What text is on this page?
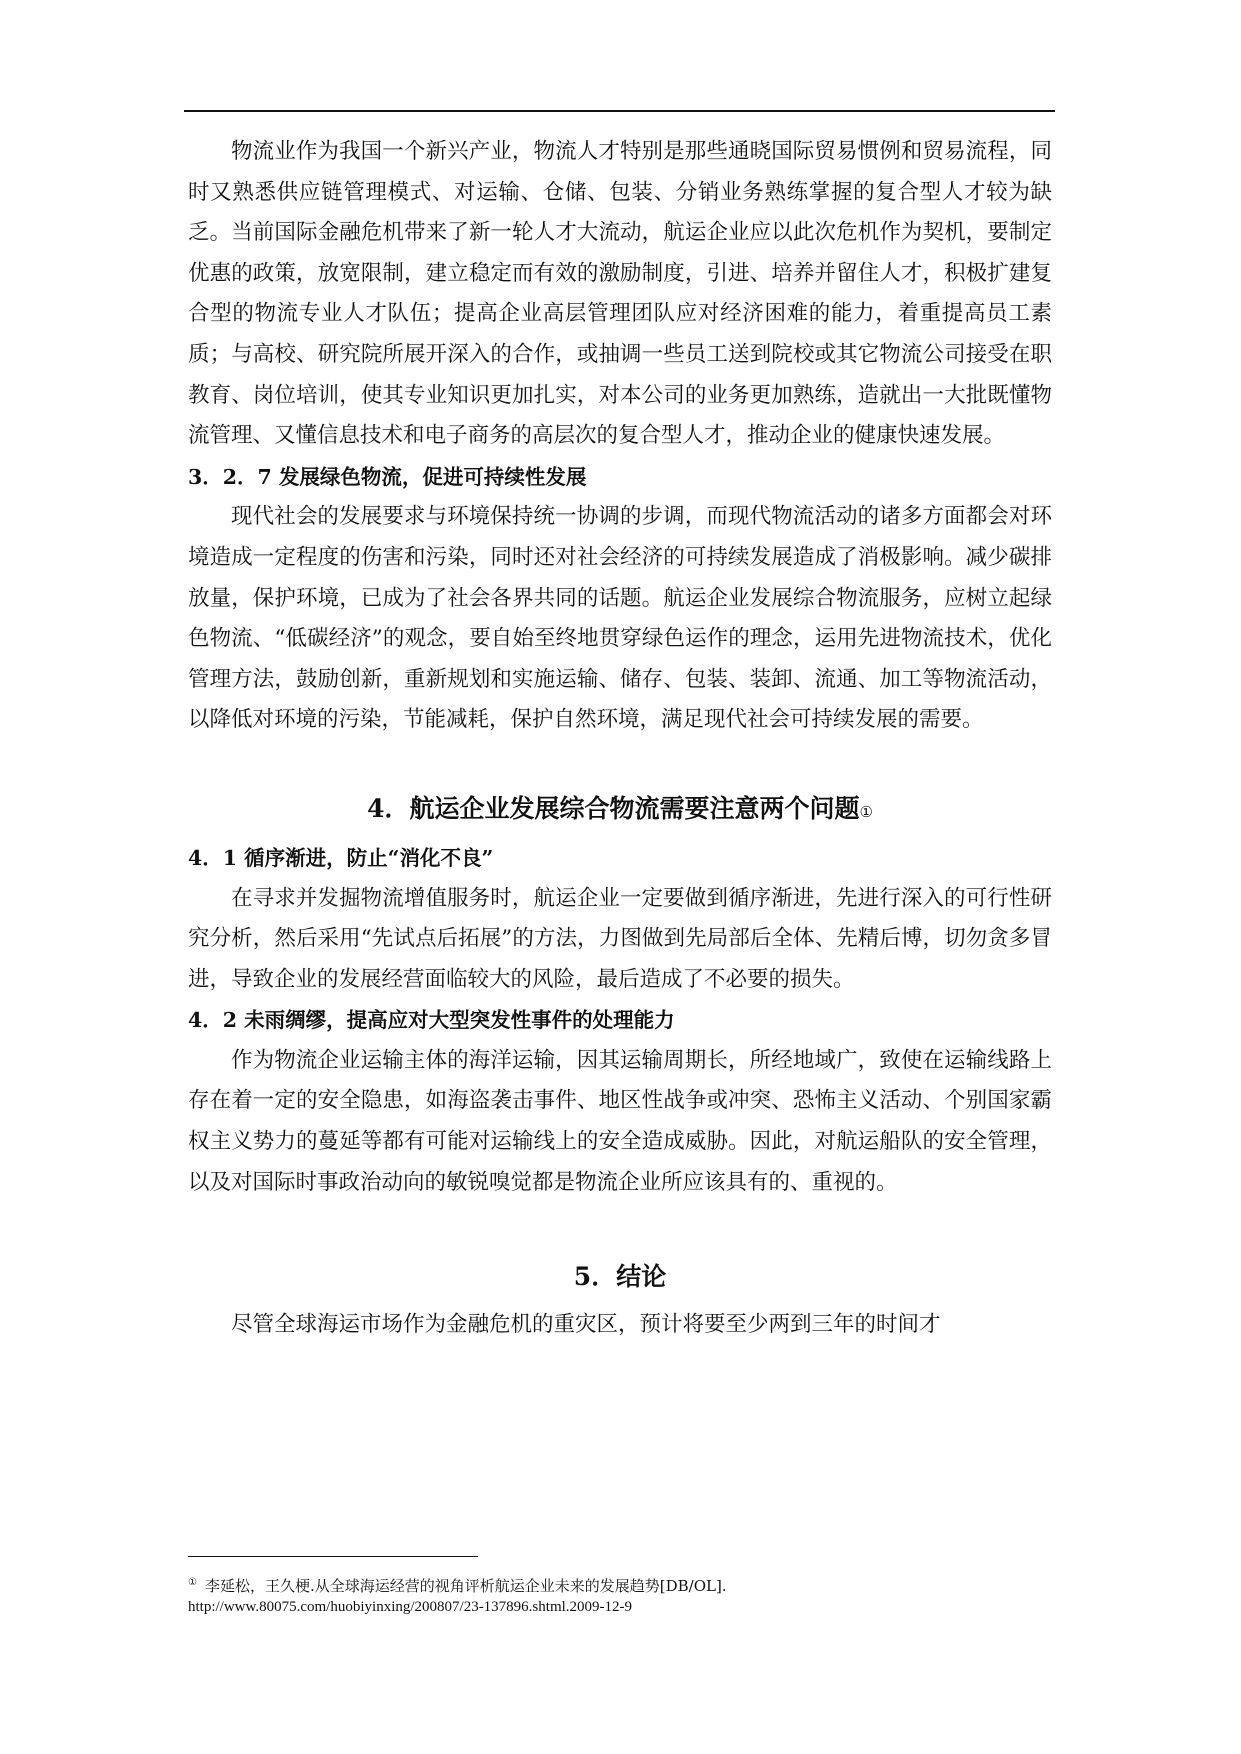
物流业作为我国一个新兴产业，物流人才特别是那些通晓国际贸易惯例和贸易流程，同时又熟悉供应链管理模式、对运输、仓储、包装、分销业务熟练掌握的复合型人才较为缺乏。当前国际金融危机带来了新一轮人才大流动，航运企业应以此次危机作为契机，要制定优惠的政策，放宽限制，建立稳定而有效的激励制度，引进、培养并留住人才，积极扩建复合型的物流专业人才队伍；提高企业高层管理团队应对经济困难的能力，着重提高员工素质；与高校、研究院所展开深入的合作，或抽调一些员工送到院校或其它物流公司接受在职教育、岗位培训，使其专业知识更加扎实，对本公司的业务更加熟练，造就出一大批既懂物流管理、又懂信息技术和电子商务的高层次的复合型人才，推动企业的健康快速发展。

3．2．7 发展绿色物流，促进可持续性发展

现代社会的发展要求与环境保持统一协调的步调，而现代物流活动的诸多方面都会对环境造成一定程度的伤害和污染，同时还对社会经济的可持续发展造成了消极影响。减少碳排放量，保护环境，已成为了社会各界共同的话题。航运企业发展综合物流服务，应树立起绿色物流、“低碳经济”的观念，要自始至终地贯穿绿色运作的理念，运用先进物流技术，优化管理方法，鼓励创新，重新规划和实施运输、储存、包装、装卸、流通、加工等物流活动，以降低对环境的污染，节能减耗，保护自然环境，满足现代社会可持续发展的需要。

4．航运企业发展综合物流需要注意两个问题①

4．1 循序渐进，防止“消化不良”

在寻求并发掘物流增值服务时，航运企业一定要做到循序渐进，先进行深入的可行性研究分析，然后采用“先试点后拓展”的方法，力图做到先局部后全体、先精后博，切勿贪多冒进，导致企业的发展经营面临较大的风险，最后造成了不必要的损失。

4．2 未雨绸缪，提高应对大型突发性事件的处理能力

作为物流企业运输主体的海洋运输，因其运输周期长，所经地域广，致使在运输线路上存在着一定的安全隐患，如海盗袭击事件、地区性战争或冲突、恐怖主义活动、个别国家霸权主义势力的蔓延等都有可能对运输线上的安全造成威胁。因此，对航运船队的安全管理，以及对国际时事政治动向的敏锐嗅觉都是物流企业所应该具有的、重视的。

5．结论

尽管全球海运市场作为金融危机的重灾区，预计将要至少两到三年的时间才

① 李延松，王久梗.从全球海运经营的视角评析航运企业未来的发展趋势[DB/OL].
http://www.80075.com/huobiyinxing/200807/23-137896.shtml.2009-12-9
